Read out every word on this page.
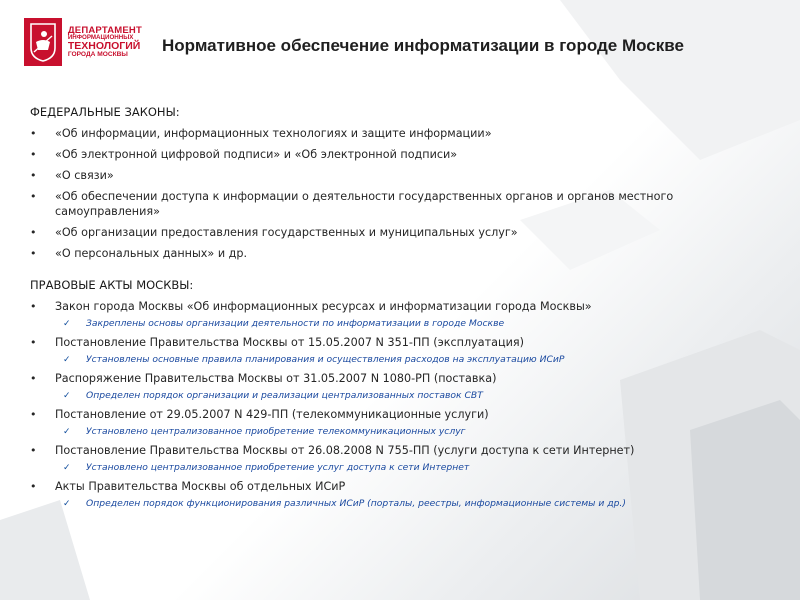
ДЕПАРТАМЕНТ
ИНФОРМАЦИОННЫХ
ТЕХНОЛОГИЙ
ГОРОДА МОСКВЫ	Нормативное обеспечение информатизации в городе Москве
ФЕДЕРАЛЬНЫЕ ЗАКОНЫ:
•	«Об информации, информационных технологиях и защите информации»
•	«Об электронной цифровой подписи» и «Об электронной подписи»
•	«О связи»
•	«Об обеспечении доступа к информации о деятельности государственных органов и органов местного самоуправления»
•	«Об организации предоставления государственных и муниципальных услуг»
•	«О персональных данных» и др.
ПРАВОВЫЕ АКТЫ МОСКВЫ:
•	Закон города Москвы «Об информационных ресурсах и информатизации города Москвы»
✓	Закреплены основы организации деятельности по информатизации в городе Москве
•	Постановление Правительства Москвы от 15.05.2007 N 351-ПП (эксплуатация)
✓	Установлены основные правила планирования и осуществления расходов на эксплуатацию ИСиР
•	Распоряжение Правительства Москвы от 31.05.2007 N 1080-РП (поставка)
✓	Определен порядок организации и реализации централизованных поставок СВТ
•	Постановление от 29.05.2007 N 429-ПП (телекоммуникационные услуги)
✓	Установлено централизованное приобретение телекоммуникационных услуг
•	Постановление Правительства Москвы от 26.08.2008 N 755-ПП (услуги доступа к сети Интернет)
✓	Установлено централизованное приобретение услуг доступа к сети Интернет
•	Акты Правительства Москвы об отдельных ИСиР
✓	Определен порядок функционирования различных ИСиР (порталы, реестры, информационные системы и др.)
